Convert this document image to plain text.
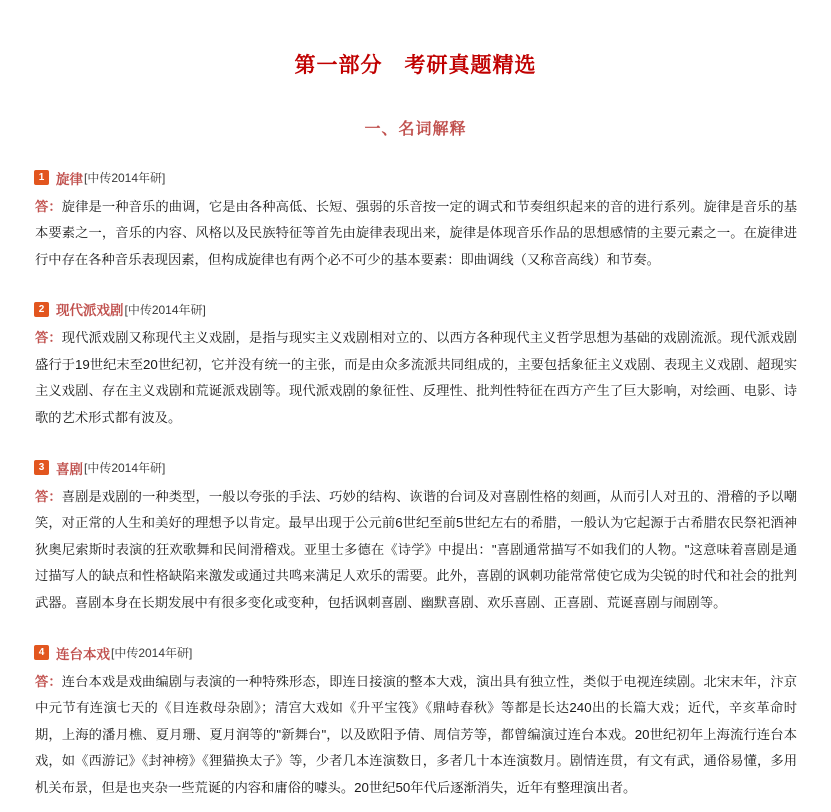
第一部分　考研真题精选
一、名词解释
1 旋律 [中传2014年研]

答：旋律是一种音乐的曲调，它是由各种高低、长短、强弱的乐音按一定的调式和节奏组织起来的音的进行系列。旋律是音乐的基本要素之一，音乐的内容、风格以及民族特征等首先由旋律表现出来，旋律是体现音乐作品的思想感情的主要元素之一。在旋律进行中存在各种音乐表现因素，但构成旋律也有两个必不可少的基本要素：即曲调线（又称音高线）和节奏。

2 现代派戏剧 [中传2014年研]

答：现代派戏剧又称现代主义戏剧，是指与现实主义戏剧相对立的、以西方各种现代主义哲学思想为基础的戏剧流派。现代派戏剧盛行于19世纪末至20世纪初，它并没有统一的主张，而是由众多流派共同组成的，主要包括象征主义戏剧、表现主义戏剧、超现实主义戏剧、存在主义戏剧和荒诞派戏剧等。现代派戏剧的象征性、反理性、批判性特征在西方产生了巨大影响，对绘画、电影、诗歌的艺术形式都有波及。

3 喜剧 [中传2014年研]

答：喜剧是戏剧的一种类型，一般以夸张的手法、巧妙的结构、诙谐的台词及对喜剧性格的刻画，从而引人对丑的、滑稽的予以嘲笑，对正常的人生和美好的理想予以肯定。最早出现于公元前6世纪至前5世纪左右的希腊，一般认为它起源于古希腊农民祭祀酒神狄奥尼索斯时表演的狂欢歌舞和民间滑稽戏。亚里士多德在《诗学》中提出："喜剧通常描写不如我们的人物。"这意味着喜剧是通过描写人的缺点和性格缺陷来激发或通过共鸣来满足人欢乐的需要。此外，喜剧的讽刺功能常常使它成为尖锐的时代和社会的批判武器。喜剧本身在长期发展中有很多变化或变种，包括讽刺喜剧、幽默喜剧、欢乐喜剧、正喜剧、荒诞喜剧与闹剧等。

4 连台本戏 [中传2014年研]

答：连台本戏是戏曲编剧与表演的一种特殊形态，即连日接演的整本大戏，演出具有独立性，类似于电视连续剧。北宋末年，汴京中元节有连演七天的《目连救母杂剧》；清宫大戏如《升平宝筏》《鼎峙春秋》等都是长达240出的长篇大戏；近代，辛亥革命时期，上海的潘月樵、夏月珊、夏月润等的"新舞台"，以及欧阳予倩、周信芳等，都曾编演过连台本戏。20世纪初年上海流行连台本戏，如《西游记》《封神榜》《狸猫换太子》等，少者几本连演数日，多者几十本连演数月。剧情连贯，有文有武，通俗易懂，多用机关布景，但是也夹杂一些荒诞的内容和庸俗的噱头。20世纪50年代后逐渐消失，近年有整理演出者。
